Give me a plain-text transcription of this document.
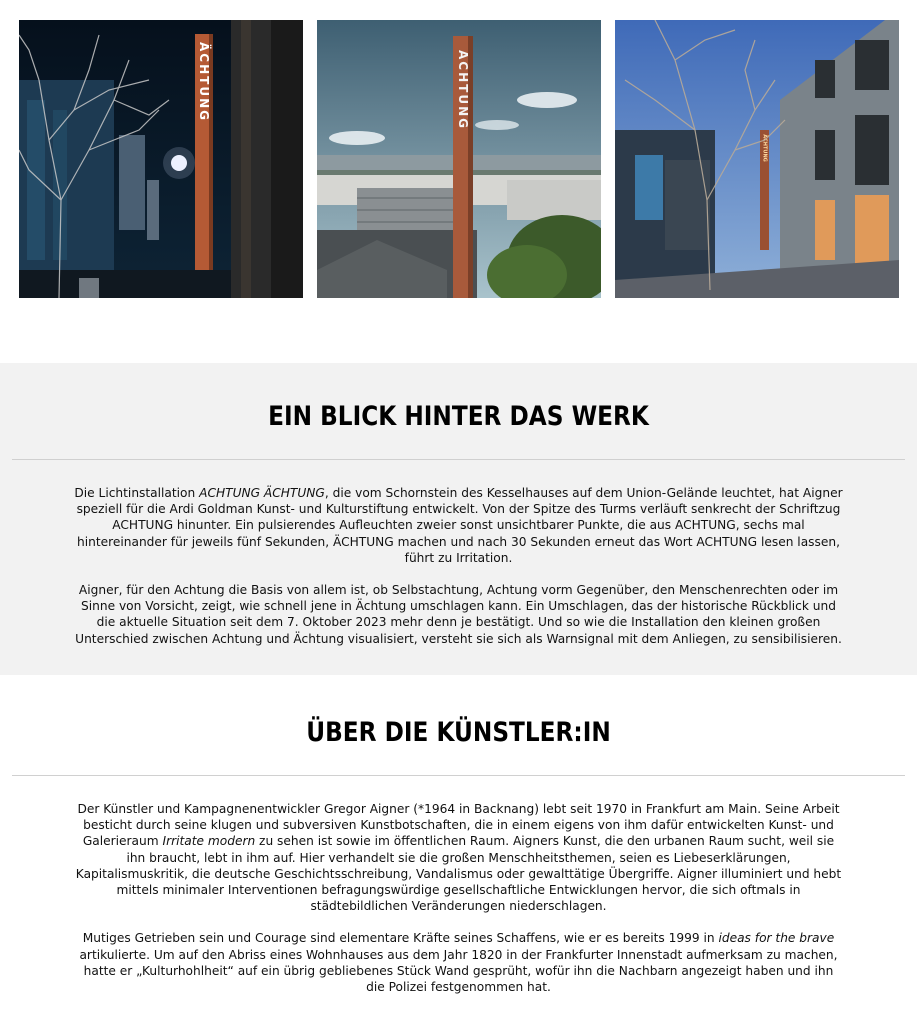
ÄCHTUNG	ACHTUNG
ÄCHTUNG
EIN BLICK HINTER DAS WERK

Die Lichtinstallation ACHTUNG ÄCHTUNG, die vom Schornstein des Kesselhauses auf dem Union-Gelände leuchtet, hat Aigner speziell für die Ardi Goldman Kunst- und Kulturstiftung entwickelt. Von der Spitze des Turms verläuft senkrecht der Schriftzug ACHTUNG hinunter. Ein pulsierendes Aufleuchten zweier sonst unsichtbarer Punkte, die aus ACHTUNG, sechs mal hintereinander für jeweils fünf Sekunden, ÄCHTUNG machen und nach 30 Sekunden erneut das Wort ACHTUNG lesen lassen, führt zu Irritation.

Aigner, für den Achtung die Basis von allem ist, ob Selbstachtung, Achtung vorm Gegenüber, den Menschenrechten oder im Sinne von Vorsicht, zeigt, wie schnell jene in Ächtung umschlagen kann. Ein Umschlagen, das der historische Rückblick und die aktuelle Situation seit dem 7. Oktober 2023 mehr denn je bestätigt. Und so wie die Installation den kleinen großen Unterschied zwischen Achtung und Ächtung visualisiert, versteht sie sich als Warnsignal mit dem Anliegen, zu sensibilisieren.

ÜBER DIE KÜNSTLER:IN

Der Künstler und Kampagnenentwickler Gregor Aigner (*1964 in Backnang) lebt seit 1970 in Frankfurt am Main. Seine Arbeit besticht durch seine klugen und subversiven Kunstbotschaften, die in einem eigens von ihm dafür entwickelten Kunst- und Galerieraum Irritate modern zu sehen ist sowie im öffentlichen Raum. Aigners Kunst, die den urbanen Raum sucht, weil sie ihn braucht, lebt in ihm auf. Hier verhandelt sie die großen Menschheitsthemen, seien es Liebeserklärungen, Kapitalismuskritik, die deutsche Geschichtsschreibung, Vandalismus oder gewalttätige Übergriffe. Aigner illuminiert und hebt mittels minimaler Interventionen befragungswürdige gesellschaftliche Entwicklungen hervor, die sich oftmals in städtebildlichen Veränderungen niederschlagen.

Mutiges Getrieben sein und Courage sind elementare Kräfte seines Schaffens, wie er es bereits 1999 in ideas for the brave artikulierte. Um auf den Abriss eines Wohnhauses aus dem Jahr 1820 in der Frankfurter Innenstadt aufmerksam zu machen, hatte er „Kulturhohlheit“ auf ein übrig gebliebenes Stück Wand gesprüht, wofür ihn die Nachbarn angezeigt haben und ihn die Polizei festgenommen hat.
